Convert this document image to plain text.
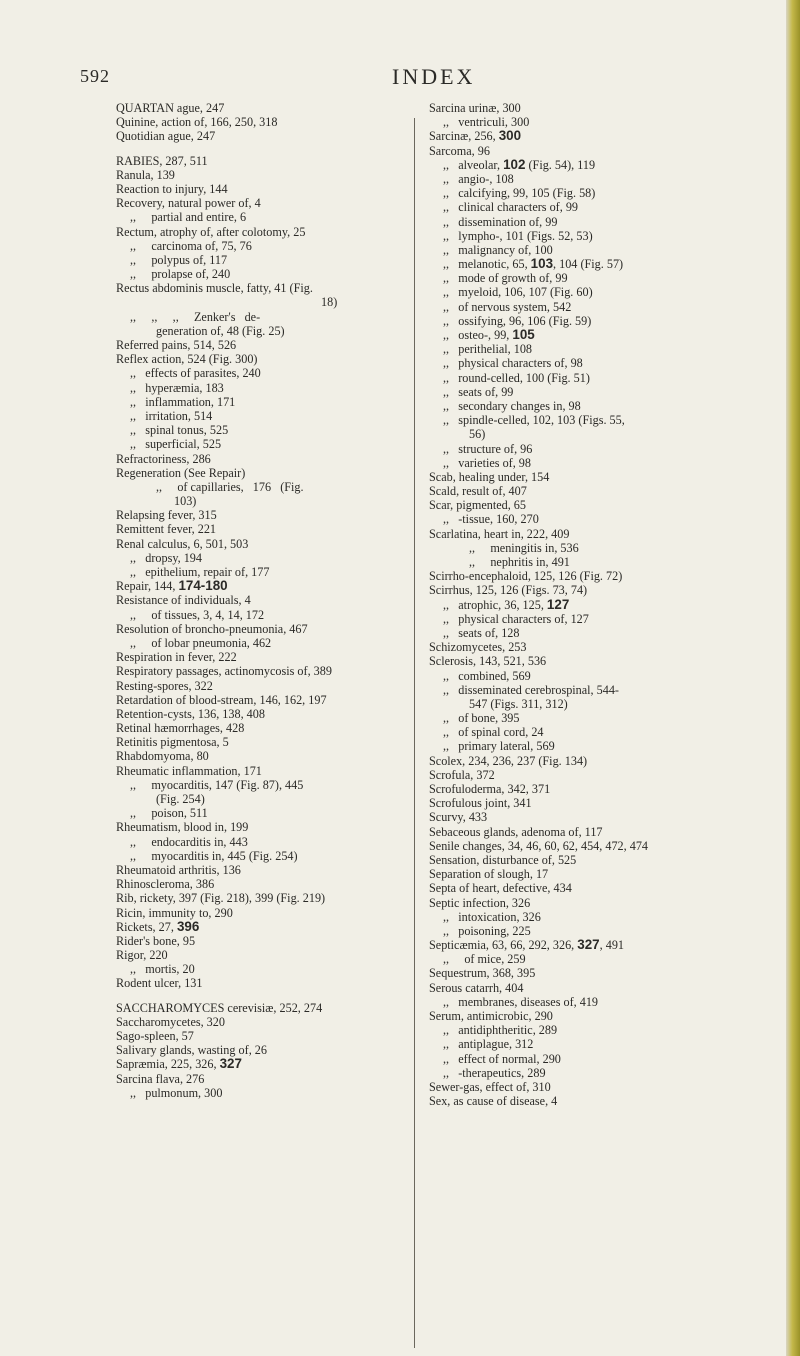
592	INDEX
QUARTAN ague, 247
Quinine, action of, 166, 250, 318
Quotidian ague, 247
RABIES, 287, 511
Ranula, 139
Reaction to injury, 144
Recovery, natural power of, 4
,,     partial and entire, 6
Rectum, atrophy of, after colotomy, 25
,,     carcinoma of, 75, 76
,,     polypus of, 117
,,     prolapse of, 240
Rectus abdominis muscle, fatty, 41 (Fig.
18)
,,     ,,     ,,     Zenker's   de-
generation of, 48 (Fig. 25)
Referred pains, 514, 526
Reflex action, 524 (Fig. 300)
,,   effects of parasites, 240
,,   hyperæmia, 183
,,   inflammation, 171
,,   irritation, 514
,,   spinal tonus, 525
,,   superficial, 525
Refractoriness, 286
Regeneration (See Repair)
,,     of capillaries,   176   (Fig.
103)
Relapsing fever, 315
Remittent fever, 221
Renal calculus, 6, 501, 503
,,   dropsy, 194
,,   epithelium, repair of, 177
Repair, 144, 174-180
Resistance of individuals, 4
,,     of tissues, 3, 4, 14, 172
Resolution of broncho-pneumonia, 467
,,     of lobar pneumonia, 462
Respiration in fever, 222
Respiratory passages, actinomycosis of, 389
Resting-spores, 322
Retardation of blood-stream, 146, 162, 197
Retention-cysts, 136, 138, 408
Retinal hæmorrhages, 428
Retinitis pigmentosa, 5
Rhabdomyoma, 80
Rheumatic inflammation, 171
,,     myocarditis, 147 (Fig. 87), 445
(Fig. 254)
,,     poison, 511
Rheumatism, blood in, 199
,,     endocarditis in, 443
,,     myocarditis in, 445 (Fig. 254)
Rheumatoid arthritis, 136
Rhinoscleroma, 386
Rib, rickety, 397 (Fig. 218), 399 (Fig. 219)
Ricin, immunity to, 290
Rickets, 27, 396
Rider's bone, 95
Rigor, 220
,,   mortis, 20
Rodent ulcer, 131
SACCHAROMYCES cerevisiæ, 252, 274
Saccharomycetes, 320
Sago-spleen, 57
Salivary glands, wasting of, 26
Sapræmia, 225, 326, 327
Sarcina flava, 276
,,   pulmonum, 300
Sarcina urinæ, 300
,,   ventriculi, 300
Sarcinæ, 256, 300
Sarcoma, 96
,,   alveolar, 102 (Fig. 54), 119
,,   angio-, 108
,,   calcifying, 99, 105 (Fig. 58)
,,   clinical characters of, 99
,,   dissemination of, 99
,,   lympho-, 101 (Figs. 52, 53)
,,   malignancy of, 100
,,   melanotic, 65, 103, 104 (Fig. 57)
,,   mode of growth of, 99
,,   myeloid, 106, 107 (Fig. 60)
,,   of nervous system, 542
,,   ossifying, 96, 106 (Fig. 59)
,,   osteo-, 99, 105
,,   perithelial, 108
,,   physical characters of, 98
,,   round-celled, 100 (Fig. 51)
,,   seats of, 99
,,   secondary changes in, 98
,,   spindle-celled, 102, 103 (Figs. 55,
56)
,,   structure of, 96
,,   varieties of, 98
Scab, healing under, 154
Scald, result of, 407
Scar, pigmented, 65
,,   -tissue, 160, 270
Scarlatina, heart in, 222, 409
,,     meningitis in, 536
,,     nephritis in, 491
Scirrho-encephaloid, 125, 126 (Fig. 72)
Scirrhus, 125, 126 (Figs. 73, 74)
,,   atrophic, 36, 125, 127
,,   physical characters of, 127
,,   seats of, 128
Schizomycetes, 253
Sclerosis, 143, 521, 536
,,   combined, 569
,,   disseminated cerebrospinal, 544-
547 (Figs. 311, 312)
,,   of bone, 395
,,   of spinal cord, 24
,,   primary lateral, 569
Scolex, 234, 236, 237 (Fig. 134)
Scrofula, 372
Scrofuloderma, 342, 371
Scrofulous joint, 341
Scurvy, 433
Sebaceous glands, adenoma of, 117
Senile changes, 34, 46, 60, 62, 454, 472, 474
Sensation, disturbance of, 525
Separation of slough, 17
Septa of heart, defective, 434
Septic infection, 326
,,   intoxication, 326
,,   poisoning, 225
Septicæmia, 63, 66, 292, 326, 327, 491
,,     of mice, 259
Sequestrum, 368, 395
Serous catarrh, 404
,,   membranes, diseases of, 419
Serum, antimicrobic, 290
,,   antidiphtheritic, 289
,,   antiplague, 312
,,   effect of normal, 290
,,   -therapeutics, 289
Sewer-gas, effect of, 310
Sex, as cause of disease, 4
